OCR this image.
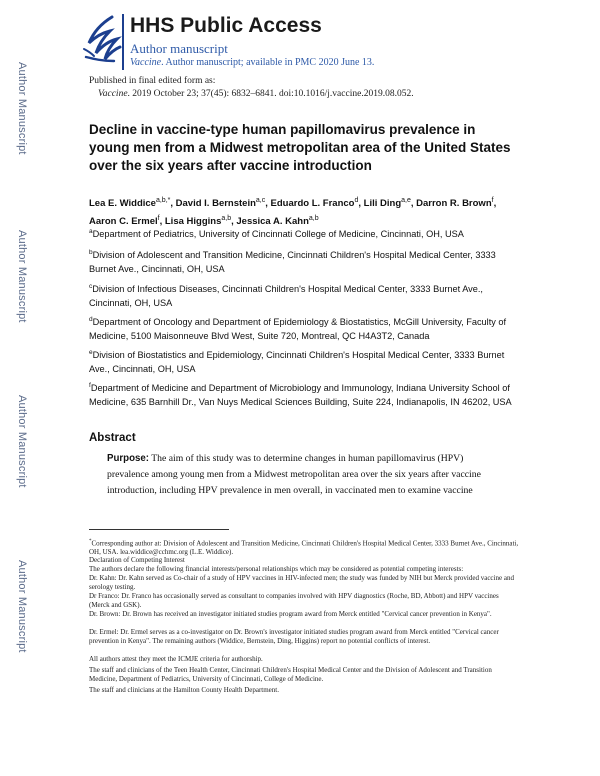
Author Manuscript
Author Manuscript
Author Manuscript
Author Manuscript
HHS Public Access
Author manuscript
Vaccine. Author manuscript; available in PMC 2020 June 13.
Published in final edited form as:
Vaccine. 2019 October 23; 37(45): 6832–6841. doi:10.1016/j.vaccine.2019.08.052.
Decline in vaccine-type human papillomavirus prevalence in young men from a Midwest metropolitan area of the United States over the six years after vaccine introduction
Lea E. Widdice$^{a,b,*}$, David I. Bernstein$^{a,c}$, Eduardo L. Franco$^d$, Lili Ding$^{a,e}$, Darron R. Brown$^f$, Aaron C. Ermel$^f$, Lisa Higgins$^{a,b}$, Jessica A. Kahn$^{a,b}$
$^a$Department of Pediatrics, University of Cincinnati College of Medicine, Cincinnati, OH, USA
$^b$Division of Adolescent and Transition Medicine, Cincinnati Children's Hospital Medical Center, 3333 Burnet Ave., Cincinnati, OH, USA
$^c$Division of Infectious Diseases, Cincinnati Children's Hospital Medical Center, 3333 Burnet Ave., Cincinnati, OH, USA
$^d$Department of Oncology and Department of Epidemiology & Biostatistics, McGill University, Faculty of Medicine, 5100 Maisonneuve Blvd West, Suite 720, Montreal, QC H4A3T2, Canada
$^e$Division of Biostatistics and Epidemiology, Cincinnati Children's Hospital Medical Center, 3333 Burnet Ave., Cincinnati, OH, USA
$^f$Department of Medicine and Department of Microbiology and Immunology, Indiana University School of Medicine, 635 Barnhill Dr., Van Nuys Medical Sciences Building, Suite 224, Indianapolis, IN 46202, USA
Abstract
Purpose: The aim of this study was to determine changes in human papillomavirus (HPV) prevalence among young men from a Midwest metropolitan area over the six years after vaccine introduction, including HPV prevalence in men overall, in vaccinated men to examine vaccine
*Corresponding author at: Division of Adolescent and Transition Medicine, Cincinnati Children's Hospital Medical Center, 3333 Burnet Ave., Cincinnati, OH, USA. lea.widdice@cchmc.org (L.E. Widdice).
Declaration of Competing Interest
The authors declare the following financial interests/personal relationships which may be considered as potential competing interests:
Dr. Kahn: Dr. Kahn served as Co-chair of a study of HPV vaccines in HIV-infected men; the study was funded by NIH but Merck provided vaccine and serology testing.
Dr Franco: Dr. Franco has occasionally served as consultant to companies involved with HPV diagnostics (Roche, BD, Abbott) and HPV vaccines (Merck and GSK).
Dr. Brown: Dr. Brown has received an investigator initiated studies program award from Merck entitled "Cervical cancer prevention in Kenya".
Dr. Ermel: Dr. Ermel serves as a co-investigator on Dr. Brown's investigator initiated studies program award from Merck entitled "Cervical cancer prevention in Kenya". The remaining authors (Widdice, Bernstein, Ding, Higgins) report no potential conflicts of interest.
All authors attest they meet the ICMJE criteria for authorship.
The staff and clinicians of the Teen Health Center, Cincinnati Children's Hospital Medical Center and the Division of Adolescent and Transition Medicine, Department of Pediatrics, University of Cincinnati, College of Medicine.
The staff and clinicians at the Hamilton County Health Department.
